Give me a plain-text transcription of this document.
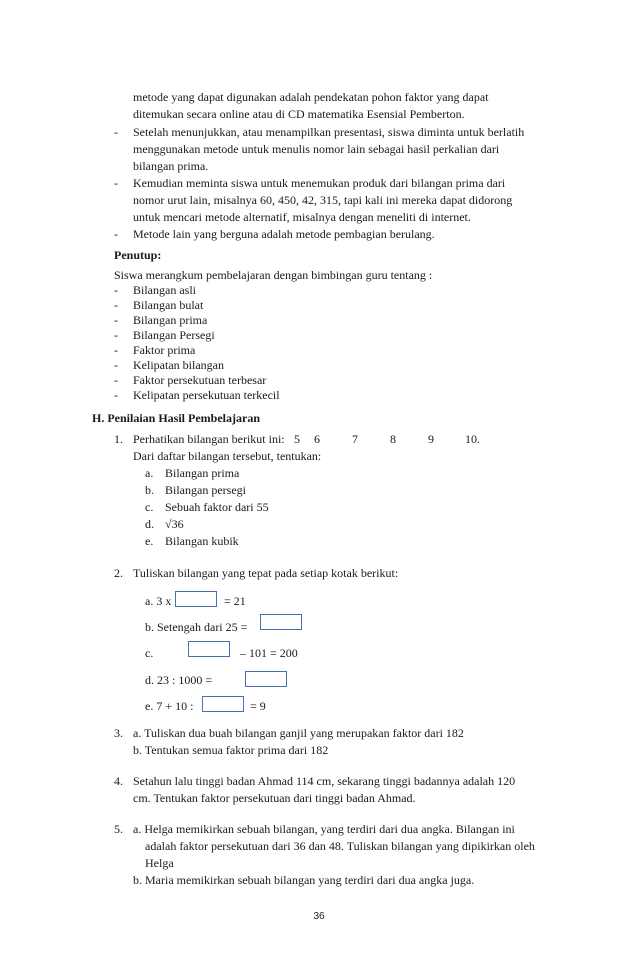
metode yang dapat digunakan adalah pendekatan pohon faktor yang dapat
ditemukan secara online atau di CD matematika Esensial Pemberton.
- Setelah menunjukkan, atau menampilkan presentasi, siswa diminta untuk berlatih
menggunakan metode untuk menulis nomor lain sebagai hasil perkalian dari
bilangan prima.
- Kemudian meminta siswa untuk menemukan produk dari bilangan prima dari
nomor urut lain, misalnya 60, 450, 42, 315, tapi kali ini mereka dapat didorong
untuk mencari metode alternatif, misalnya dengan meneliti di internet.
- Metode lain yang berguna adalah metode pembagian berulang.
Penutup:
Siswa merangkum pembelajaran dengan bimbingan guru tentang :
- Bilangan asli
- Bilangan bulat
- Bilangan prima
- Bilangan Persegi
- Faktor prima
- Kelipatan bilangan
- Faktor persekutuan terbesar
- Kelipatan persekutuan terkecil
H. Penilaian Hasil Pembelajaran
1. Perhatikan bilangan berikut ini: 5 6	7	8	9	10.
Dari daftar bilangan tersebut, tentukan:
a. Bilangan prima
b. Bilangan persegi
c. Sebuah faktor dari 55
d. √36
e. Bilangan kubik
2. Tuliskan bilangan yang tepat pada setiap kotak berikut:
a. 3 x	= 21
b. Setengah dari 25 =
c.	– 101 = 200
d. 23 : 1000 =
e. 7 + 10 :	= 9
3. a. Tuliskan dua buah bilangan ganjil yang merupakan faktor dari 182
b. Tentukan semua faktor prima dari 182
4. Setahun lalu tinggi badan Ahmad 114 cm, sekarang tinggi badannya adalah 120
cm. Tentukan faktor persekutuan dari tinggi badan Ahmad.
5. a. Helga memikirkan sebuah bilangan, yang terdiri dari dua angka. Bilangan ini
adalah faktor persekutuan dari 36 dan 48. Tuliskan bilangan yang dipikirkan oleh
Helga
b. Maria memikirkan sebuah bilangan yang terdiri dari dua angka juga.
36
